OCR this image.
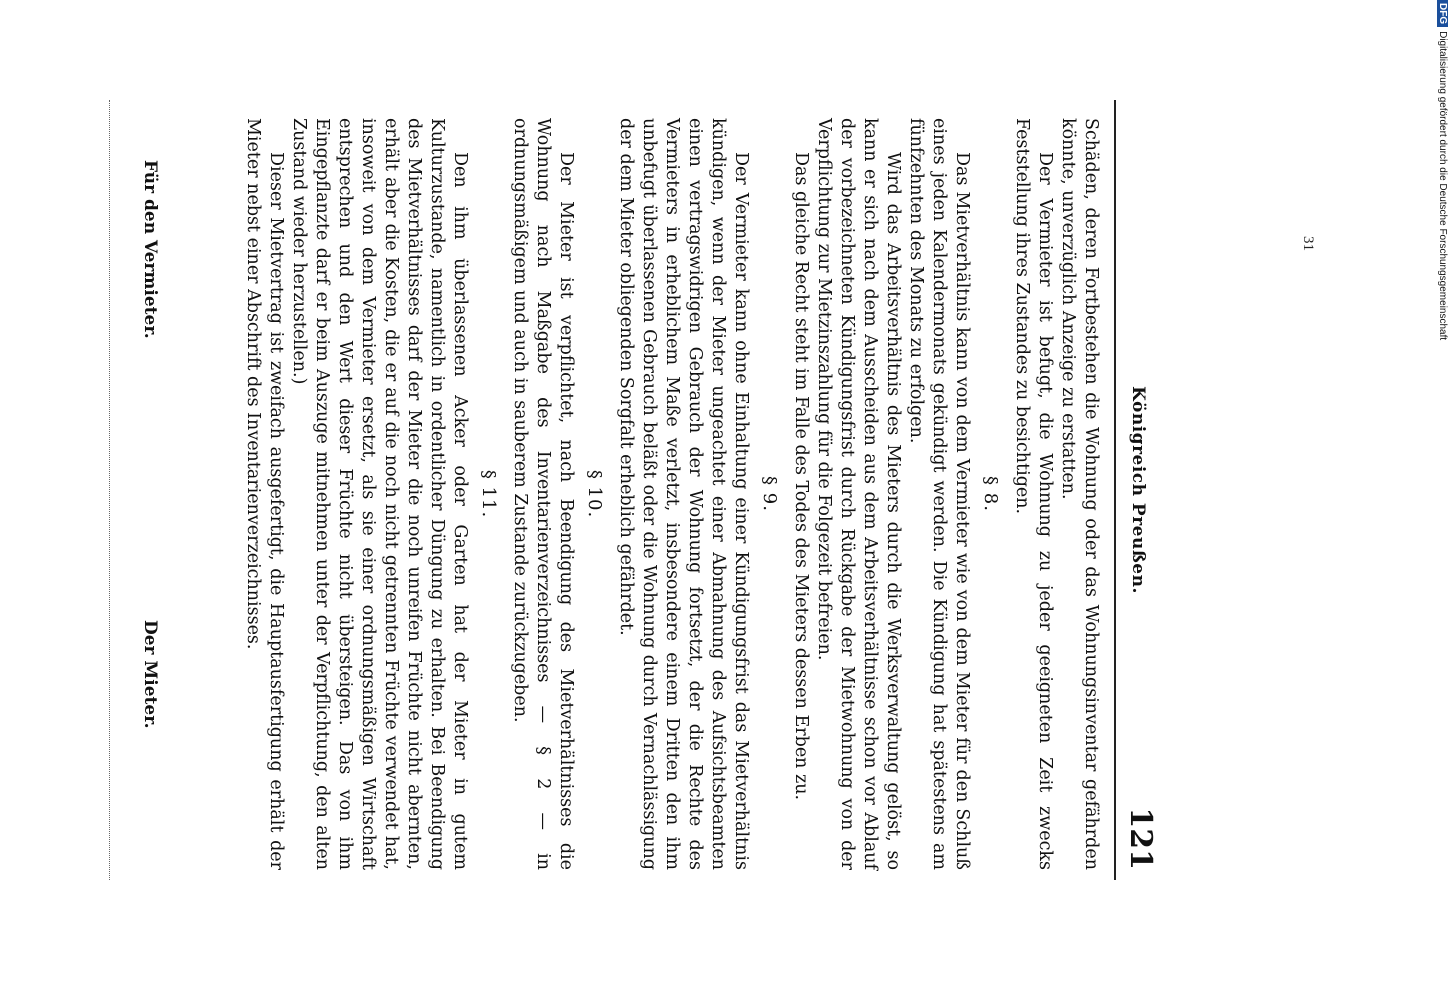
Königreich Preußen.
121

Schäden, deren Fortbestehen die Wohnung oder das Wohnungsinventar gefährden könnte, unverzüglich Anzeige zu erstatten.

Der Vermieter ist befugt, die Wohnung zu jeder geeigneten Zeit zwecks Feststellung ihres Zustandes zu besichtigen.

§ 8.

Das Mietverhältnis kann von dem Vermieter wie von dem Mieter für den Schluß eines jeden Kalendermonats gekündigt werden. Die Kündigung hat spätestens am fünfzehnten des Monats zu erfolgen.

Wird das Arbeitsverhältnis des Mieters durch die Werksverwaltung gelöst, so kann er sich nach dem Ausscheiden aus dem Arbeitsverhältnisse schon vor Ablauf der vorbezeichneten Kündigungsfrist durch Rückgabe der Mietwohnung von der Verpflichtung zur Mietzinszahlung für die Folgezeit befreien.

Das gleiche Recht steht im Falle des Todes des Mieters dessen Erben zu.

§ 9.

Der Vermieter kann ohne Einhaltung einer Kündigungsfrist das Mietverhältnis kündigen, wenn der Mieter ungeachtet einer Abmahnung des Aufsichtsbeamten einen vertragswidrigen Gebrauch der Wohnung fortsetzt, der die Rechte des Vermieters in erheblichem Maße verletzt, insbesondere einem Dritten den ihm unbefugt überlassenen Gebrauch beläßt oder die Wohnung durch Vernachlässigung der dem Mieter obliegenden Sorgfalt erheblich gefährdet.

§ 10.

Der Mieter ist verpflichtet, nach Beendigung des Mietverhältnisses die Wohnung nach Maßgabe des Inventarienverzeichnisses — § 2 — in ordnungsmäßigem und auch in sauberem Zustande zurückzugeben.

§ 11.

Den ihm überlassenen Acker oder Garten hat der Mieter in gutem Kulturzustande, namentlich in ordentlicher Düngung zu erhalten. Bei Beendigung des Mietverhältnisses darf der Mieter die noch unreifen Früchte nicht abernten, erhält aber die Kosten, die er auf die noch nicht getrennten Früchte verwendet hat, insoweit von dem Vermieter ersetzt, als sie einer ordnungsmäßigen Wirtschaft entsprechen und den Wert dieser Früchte nicht übersteigen. Das von ihm Eingepflanzte darf er beim Auszuge mitnehmen unter der Verpflichtung, den alten Zustand wieder herzustellen.)

Dieser Mietvertrag ist zweifach ausgefertigt, die Hauptausfertigung erhält der Mieter nebst einer Abschrift des Inventarienverzeichnisses.

Für den Vermieter.
Der Mieter.
31
DFGDigitalisierung gefördert durch die Deutsche Forschungsgemeinschaft
